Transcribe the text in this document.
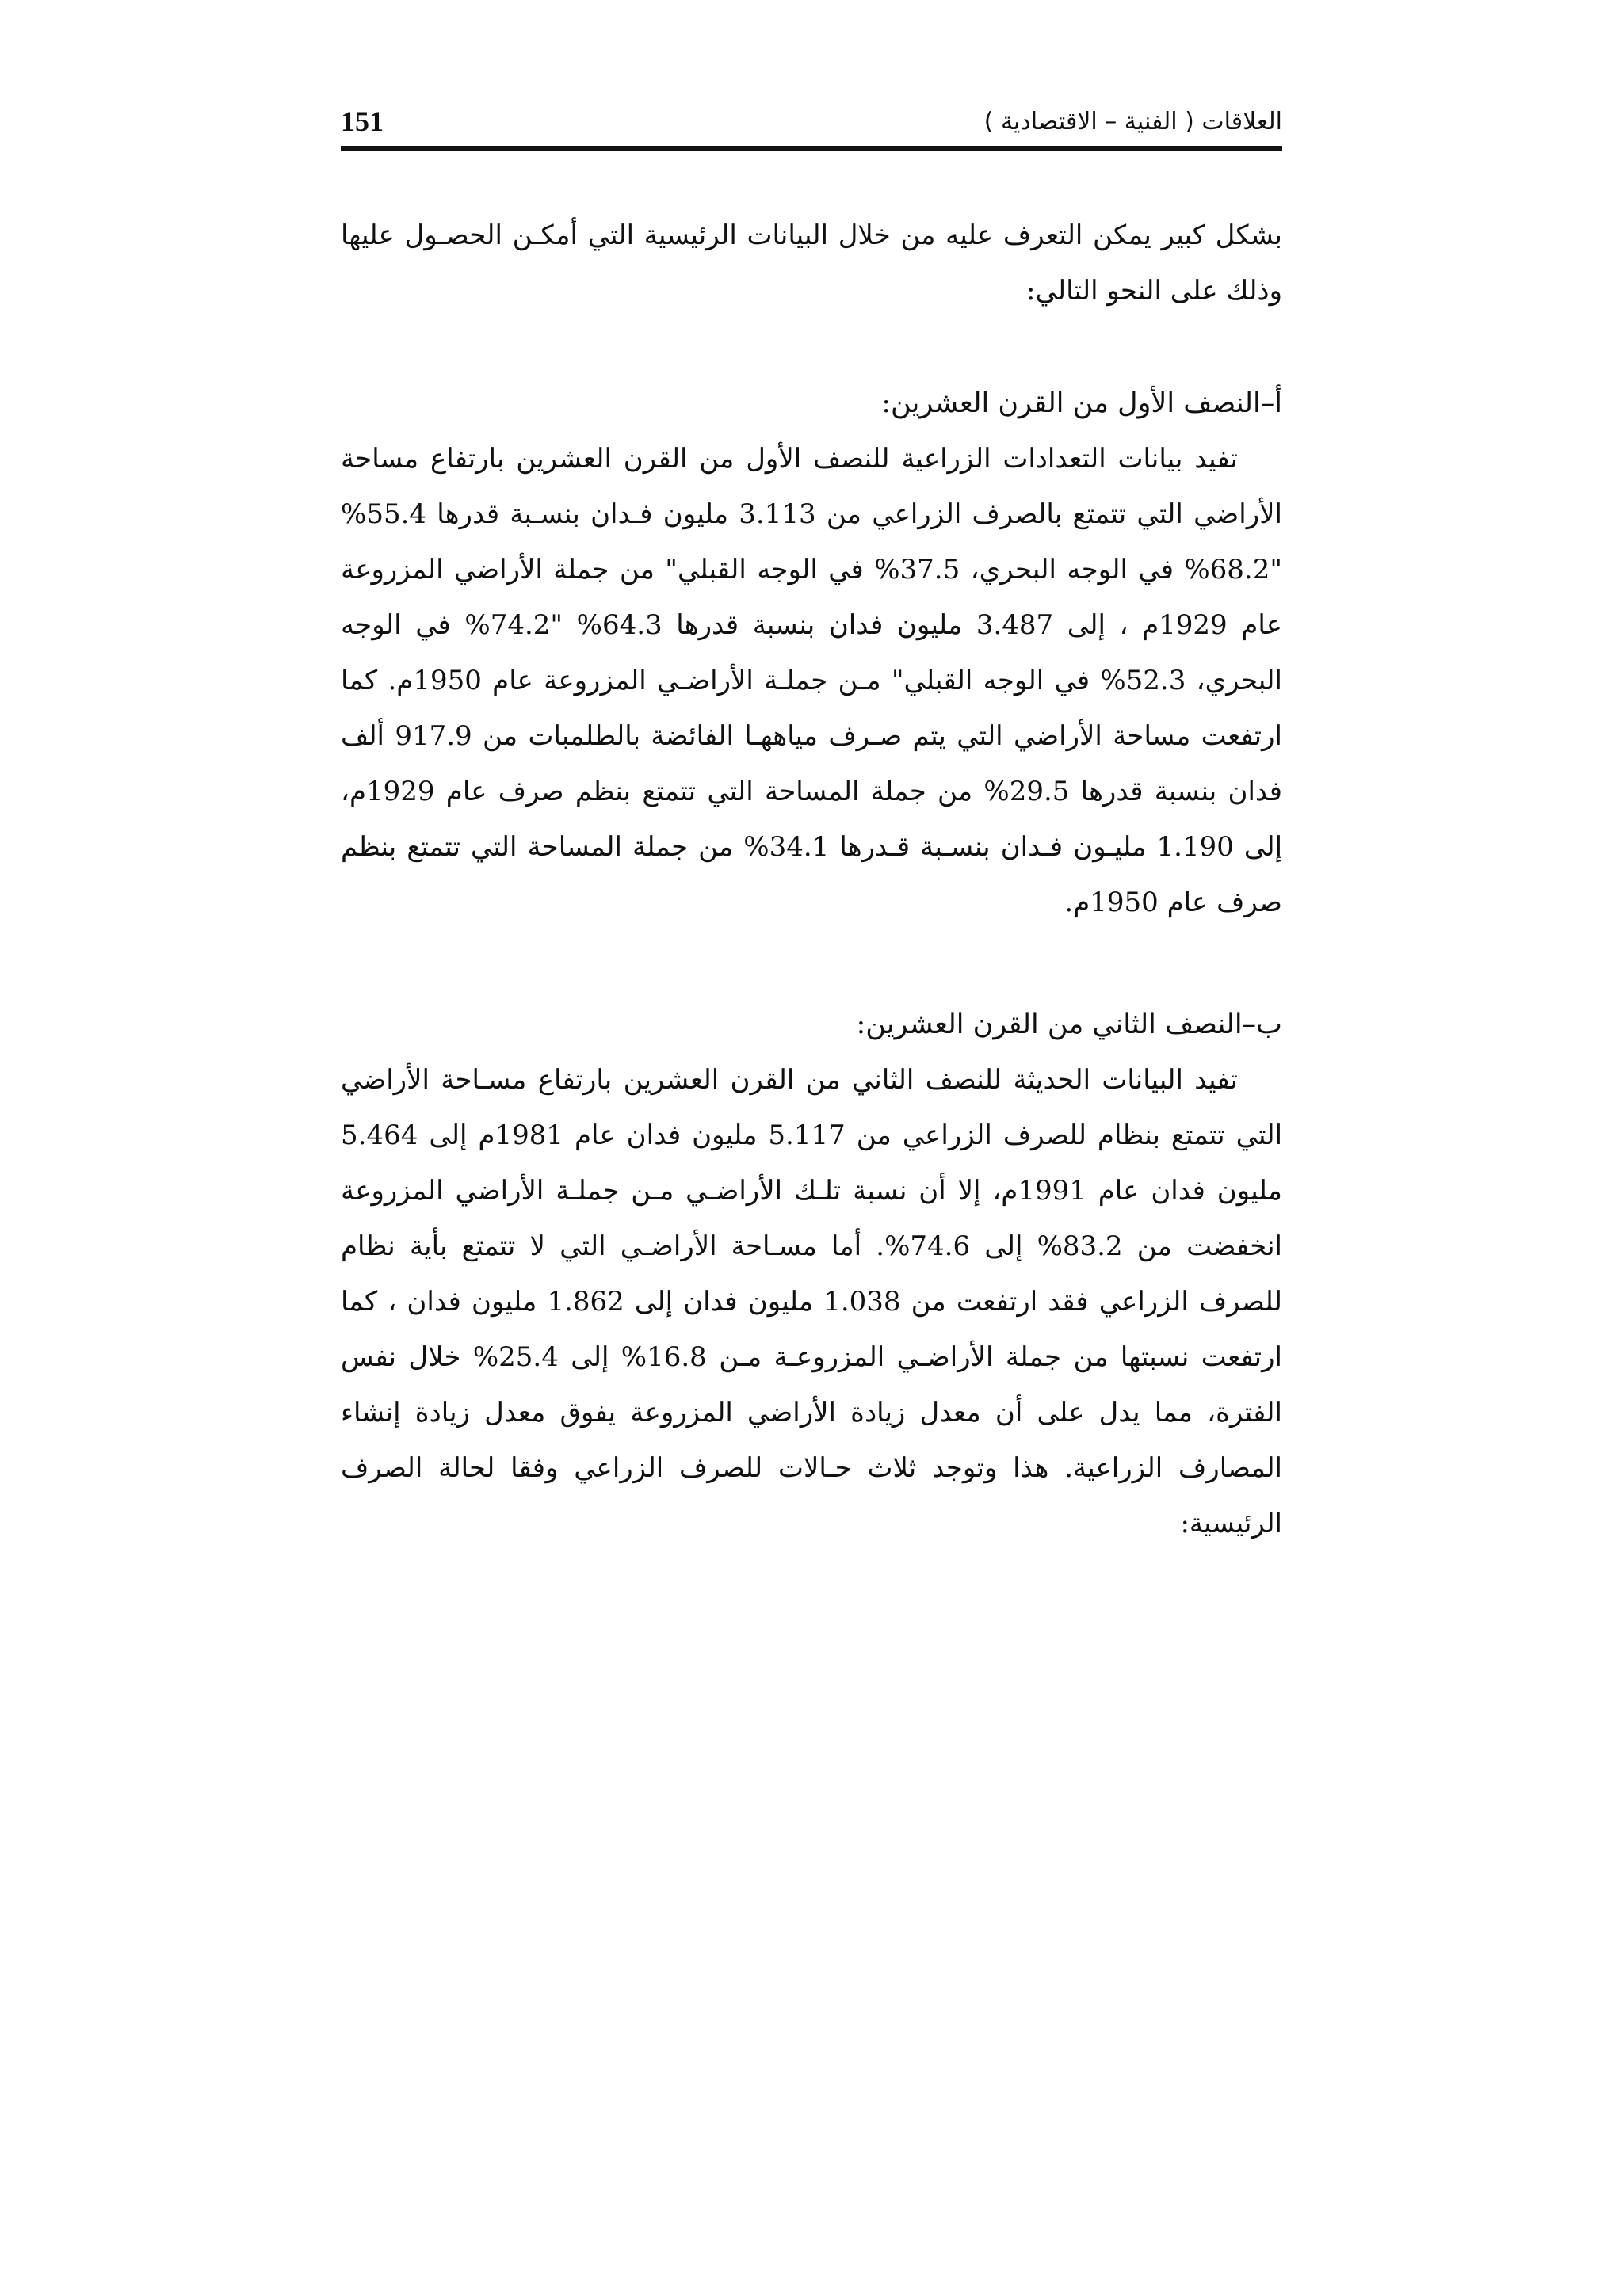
العلاقات ( الفنية – الاقتصادية )
151

بشكل كبير يمكن التعرف عليه من خلال البيانات الرئيسية التي أمكـن الحصـول عليها وذلك على النحو التالي:

أ–النصف الأول من القرن العشرين:

تفيد بيانات التعدادات الزراعية للنصف الأول من القرن العشرين بارتفاع مساحة الأراضي التي تتمتع بالصرف الزراعي من 3.113 مليون فـدان بنسـبة قدرها 55.4% "68.2% في الوجه البحري، 37.5% في الوجه القبلي" من جملة الأراضي المزروعة عام 1929م ، إلى 3.487 مليون فدان بنسبة قدرها 64.3% "74.2% في الوجه البحري، 52.3% في الوجه القبلي" مـن جملـة الأراضـي المزروعة عام 1950م. كما ارتفعت مساحة الأراضي التي يتم صـرف مياههـا الفائضة بالطلمبات من 917.9 ألف فدان بنسبة قدرها 29.5% من جملة المساحة التي تتمتع بنظم صرف عام 1929م، إلى 1.190 مليـون فـدان بنسـبة قـدرها 34.1% من جملة المساحة التي تتمتع بنظم صرف عام 1950م.

ب–النصف الثاني من القرن العشرين:

تفيد البيانات الحديثة للنصف الثاني من القرن العشرين بارتفاع مسـاحة الأراضي التي تتمتع بنظام للصرف الزراعي من 5.117 مليون فدان عام 1981م إلى 5.464 مليون فدان عام 1991م، إلا أن نسبة تلـك الأراضـي مـن جملـة الأراضي المزروعة انخفضت من 83.2% إلى 74.6%. أما مسـاحة الأراضـي التي لا تتمتع بأية نظام للصرف الزراعي فقد ارتفعت من 1.038 مليون فدان إلى 1.862 مليون فدان ، كما ارتفعت نسبتها من جملة الأراضـي المزروعـة مـن 16.8% إلى 25.4% خلال نفس الفترة، مما يدل على أن معدل زيادة الأراضي المزروعة يفوق معدل زيادة إنشاء المصارف الزراعية. هذا وتوجد ثلاث حـالات للصرف الزراعي وفقا لحالة الصرف الرئيسية:
